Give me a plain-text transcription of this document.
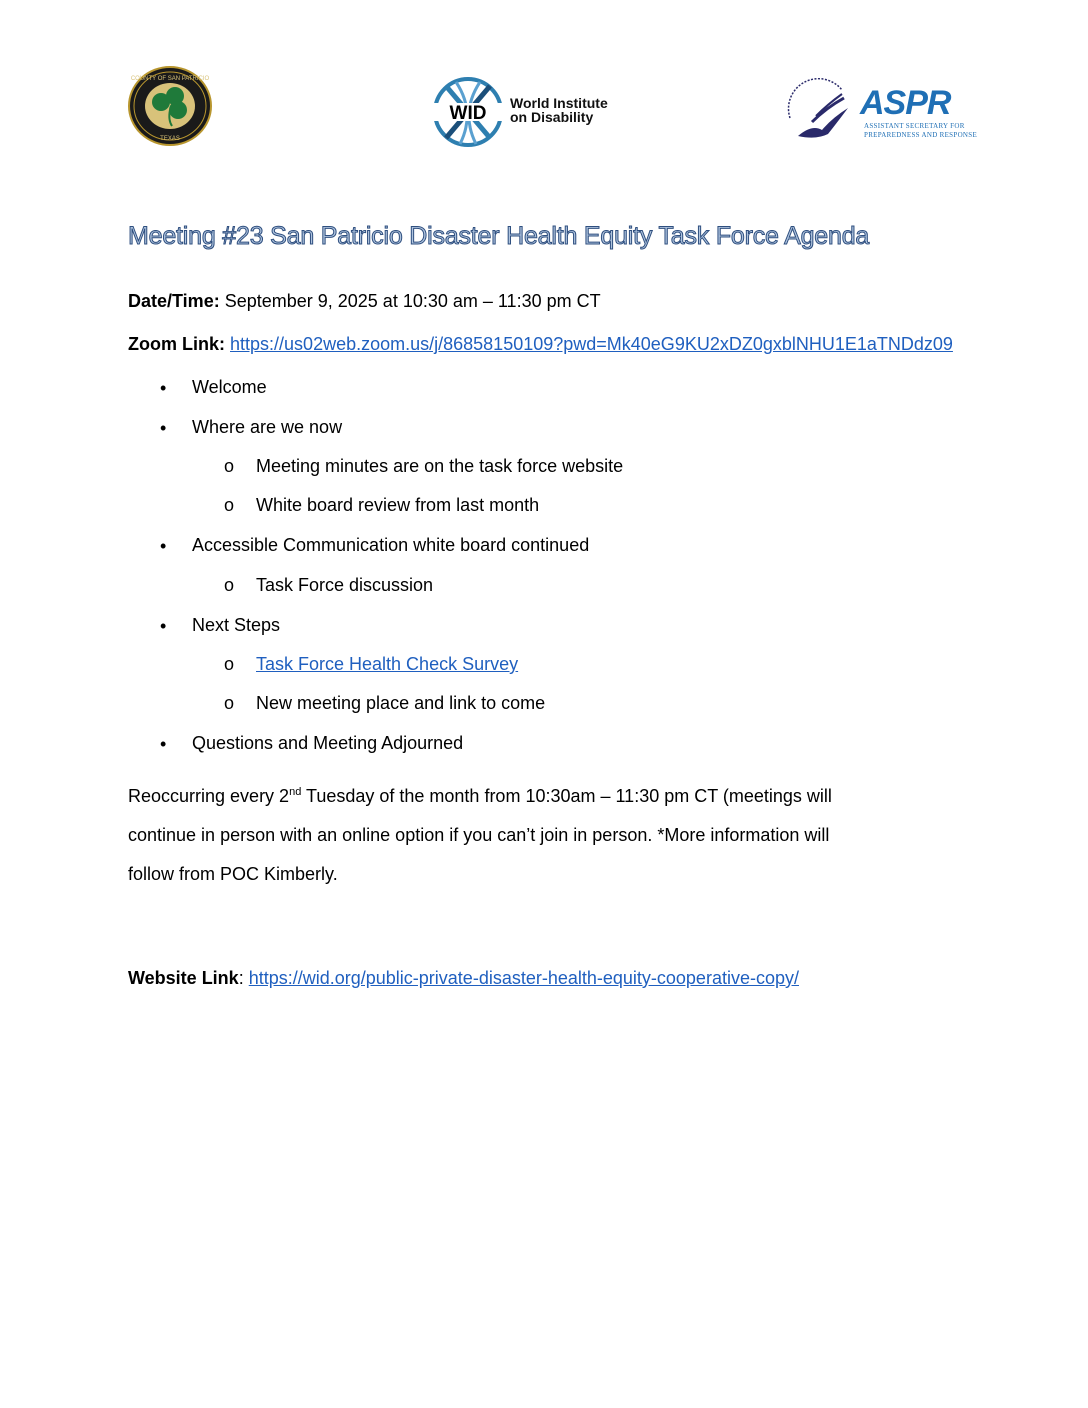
COUNTY OF SAN PATRICIO
TEXAS
WID World Institute
on Disability	ASPR
ASSISTANT SECRETARY FOR
PREPAREDNESS AND RESPONSE
Meeting #23 San Patricio Disaster Health Equity Task Force Agenda
Date/Time: September 9, 2025 at 10:30 am – 11:30 pm CT
Zoom Link: https://us02web.zoom.us/j/86858150109?pwd=Mk40eG9KU2xDZ0gxblNHU1E1aTNDdz09
• Welcome
• Where are we now
o Meeting minutes are on the task force website
o White board review from last month
• Accessible Communication white board continued
o Task Force discussion
• Next Steps
o Task Force Health Check Survey
o New meeting place and link to come
• Questions and Meeting Adjourned
Reoccurring every 2nd Tuesday of the month from 10:30am – 11:30 pm CT (meetings will
continue in person with an online option if you can’t join in person. *More information will
follow from POC Kimberly.
Website Link: https://wid.org/public-private-disaster-health-equity-cooperative-copy/
